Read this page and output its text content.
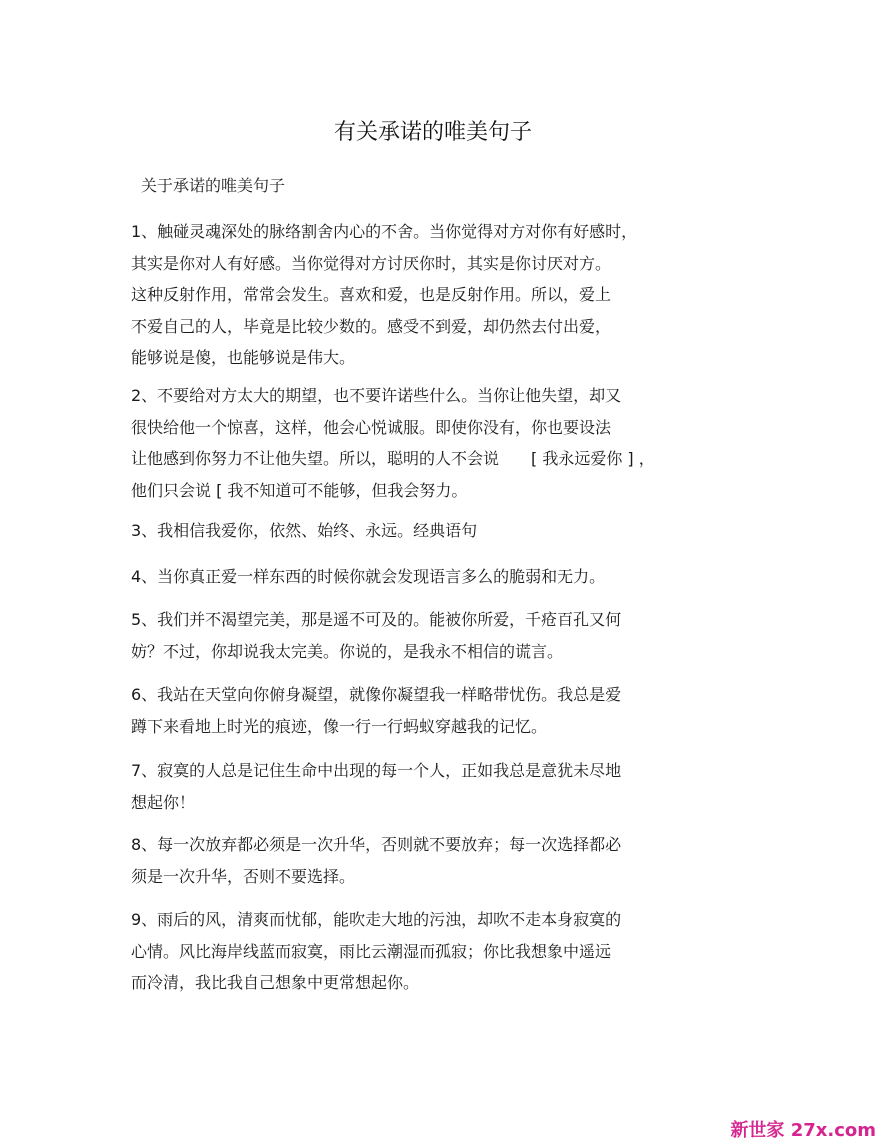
有关承诺的唯美句子
关于承诺的唯美句子
1、触碰灵魂深处的脉络割舍内心的不舍。当你觉得对方对你有好感时，
其实是你对人有好感。当你觉得对方讨厌你时，其实是你讨厌对方。
这种反射作用，常常会发生。喜欢和爱，也是反射作用。所以，爱上
不爱自己的人，毕竟是比较少数的。感受不到爱，却仍然去付出爱，
能够说是傻，也能够说是伟大。
2、不要给对方太大的期望，也不要许诺些什么。当你让他失望，却又
很快给他一个惊喜，这样，他会心悦诚服。即使你没有，你也要设法
让他感到你努力不让他失望。所以，聪明的人不会说　　[ 我永远爱你 ] ，
他们只会说 [ 我不知道可不能够，但我会努力。
3、我相信我爱你，依然、始终、永远。经典语句
4、当你真正爱一样东西的时候你就会发现语言多么的脆弱和无力。
5、我们并不渴望完美，那是遥不可及的。能被你所爱，千疮百孔又何
妨？不过，你却说我太完美。你说的，是我永不相信的谎言。
6、我站在天堂向你俯身凝望，就像你凝望我一样略带忧伤。我总是爱
蹲下来看地上时光的痕迹，像一行一行蚂蚁穿越我的记忆。
7、寂寞的人总是记住生命中出现的每一个人，正如我总是意犹未尽地
想起你！
8、每一次放弃都必须是一次升华，否则就不要放弃；每一次选择都必
须是一次升华，否则不要选择。
9、雨后的风，清爽而忧郁，能吹走大地的污浊，却吹不走本身寂寞的
心情。风比海岸线蓝而寂寞，雨比云潮湿而孤寂；你比我想象中遥远
而冷清，我比我自己想象中更常想起你。
新世家 27x.com
